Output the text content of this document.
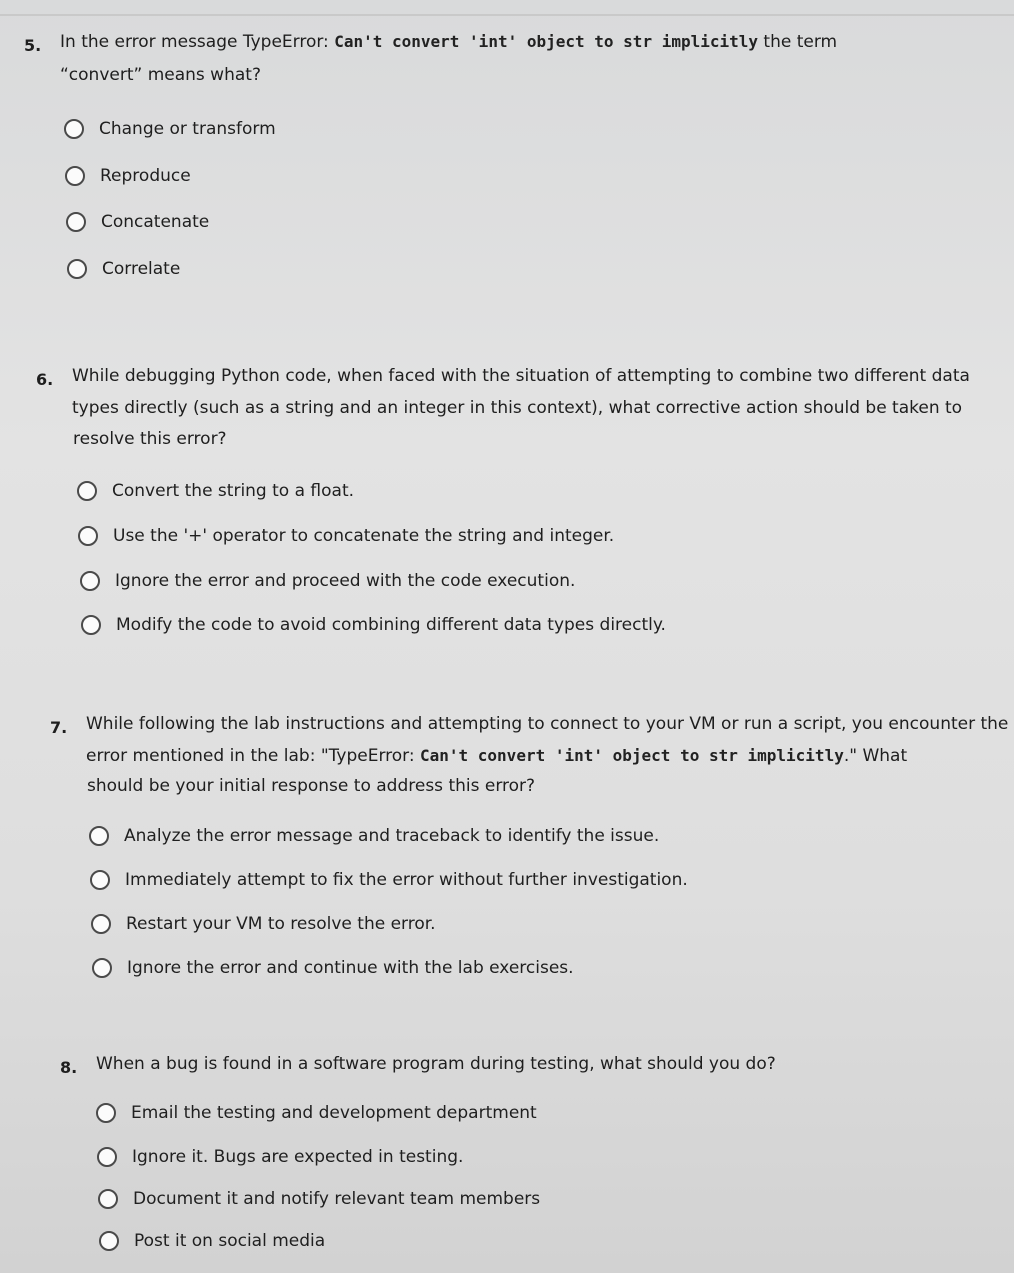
5. In the error message TypeError: Can't convert 'int' object to str implicitly the term
“convert” means what?
Change or transform
Reproduce
Concatenate
Correlate
6. While debugging Python code, when faced with the situation of attempting to combine two different data
types directly (such as a string and an integer in this context), what corrective action should be taken to
resolve this error?
Convert the string to a float.
Use the '+' operator to concatenate the string and integer.
Ignore the error and proceed with the code execution.
Modify the code to avoid combining different data types directly.
7. While following the lab instructions and attempting to connect to your VM or run a script, you encounter the
error mentioned in the lab: "TypeError: Can't convert 'int' object to str implicitly." What
should be your initial response to address this error?
Analyze the error message and traceback to identify the issue.
Immediately attempt to fix the error without further investigation.
Restart your VM to resolve the error.
Ignore the error and continue with the lab exercises.
8. When a bug is found in a software program during testing, what should you do?
Email the testing and development department
Ignore it. Bugs are expected in testing.
Document it and notify relevant team members
Post it on social media
